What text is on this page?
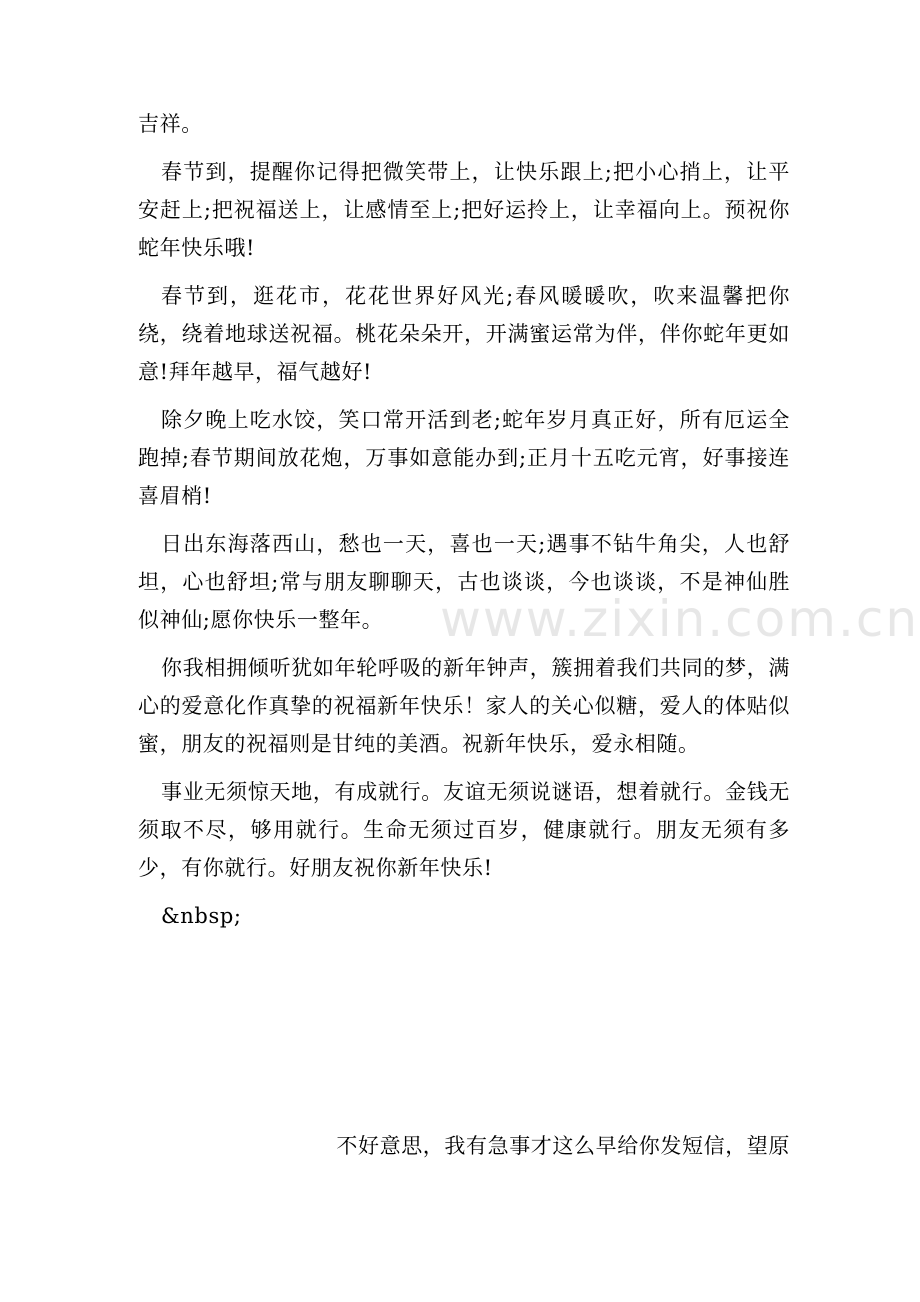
吉祥。

春节到，提醒你记得把微笑带上，让快乐跟上;把小心捎上，让平安赶上;把祝福送上，让感情至上;把好运拎上，让幸福向上。预祝你蛇年快乐哦!

春节到，逛花市，花花世界好风光;春风暖暖吹，吹来温馨把你绕，绕着地球送祝福。桃花朵朵开，开满蜜运常为伴，伴你蛇年更如意!拜年越早，福气越好!

除夕晚上吃水饺，笑口常开活到老;蛇年岁月真正好，所有厄运全跑掉;春节期间放花炮，万事如意能办到;正月十五吃元宵，好事接连喜眉梢!

日出东海落西山，愁也一天，喜也一天;遇事不钻牛角尖，人也舒坦，心也舒坦;常与朋友聊聊天，古也谈谈，今也谈谈，不是神仙胜似神仙;愿你快乐一整年。

你我相拥倾听犹如年轮呼吸的新年钟声，簇拥着我们共同的梦，满心的爱意化作真挚的祝福新年快乐！家人的关心似糖，爱人的体贴似蜜，朋友的祝福则是甘纯的美酒。祝新年快乐，爱永相随。

事业无须惊天地，有成就行。友谊无须说谜语，想着就行。金钱无须取不尽，够用就行。生命无须过百岁，健康就行。朋友无须有多少，有你就行。好朋友祝你新年快乐!

&nbsp;

www.zixin.com.cn
不好意思，我有急事才这么早给你发短信，望原
